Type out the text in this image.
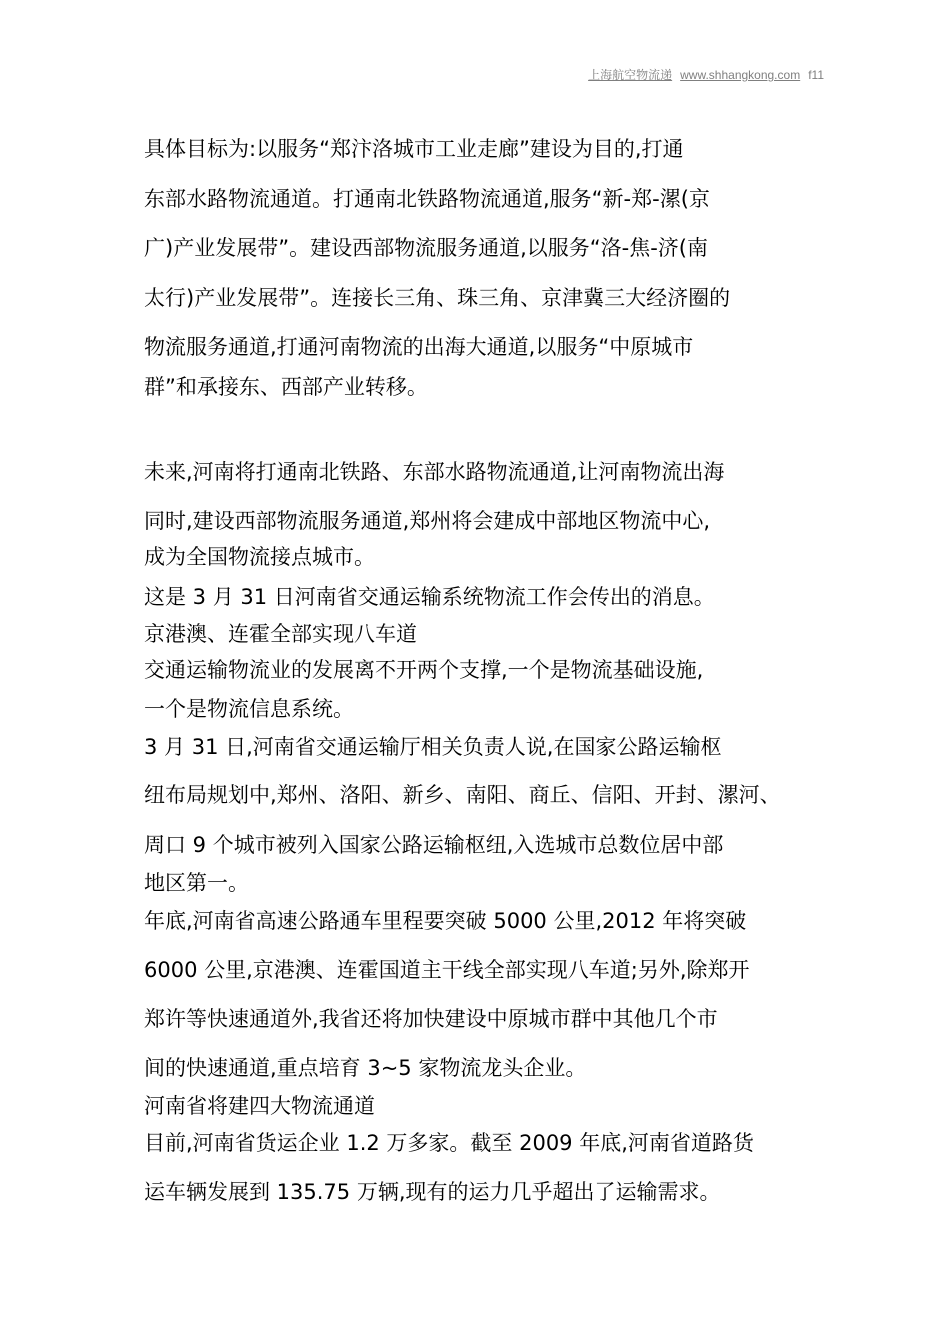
上海航空物流递 www.shhangkong.com f11
具体目标为:以服务“郑汴洛城市工业走廊”建设为目的,打通
东部水路物流通道。打通南北铁路物流通道,服务“新-郑-漯(京
广)产业发展带”。建设西部物流服务通道,以服务“洛-焦-济(南
太行)产业发展带”。连接长三角、珠三角、京津冀三大经济圈的
物流服务通道,打通河南物流的出海大通道,以服务“中原城市
群”和承接东、西部产业转移。
未来,河南将打通南北铁路、东部水路物流通道,让河南物流出海
同时,建设西部物流服务通道,郑州将会建成中部地区物流中心,
成为全国物流接点城市。
这是 3 月 31 日河南省交通运输系统物流工作会传出的消息。
京港澳、连霍全部实现八车道
交通运输物流业的发展离不开两个支撑,一个是物流基础设施,
一个是物流信息系统。
3 月 31 日,河南省交通运输厅相关负责人说,在国家公路运输枢
纽布局规划中,郑州、洛阳、新乡、南阳、商丘、信阳、开封、漯河、
周口 9 个城市被列入国家公路运输枢纽,入选城市总数位居中部
地区第一。
年底,河南省高速公路通车里程要突破 5000 公里,2012 年将突破
6000 公里,京港澳、连霍国道主干线全部实现八车道;另外,除郑开
郑许等快速通道外,我省还将加快建设中原城市群中其他几个市
间的快速通道,重点培育 3~5 家物流龙头企业。
河南省将建四大物流通道
目前,河南省货运企业 1.2 万多家。截至 2009 年底,河南省道路货
运车辆发展到 135.75 万辆,现有的运力几乎超出了运输需求。
